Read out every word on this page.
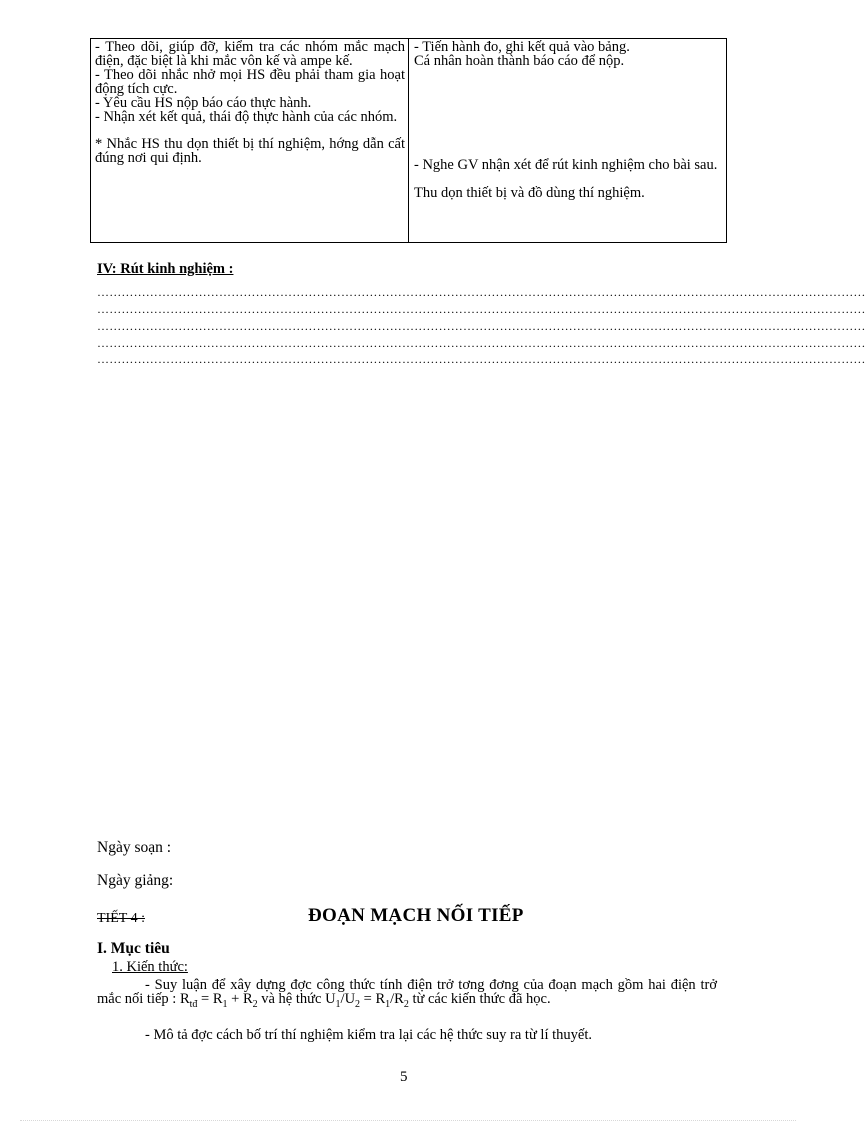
- Theo dõi, giúp đỡ, kiểm tra các nhóm mắc mạch điện, đặc biệt là khi mắc vôn kế và ampe kế.

- Theo dõi nhắc nhở mọi HS đều phải tham gia hoạt động tích cực.

- Yêu cầu HS nộp báo cáo thực hành.

- Nhận xét kết quả, thái độ thực hành của các nhóm.

* Nhắc HS thu dọn thiết bị thí nghiệm, hớng dẫn cất đúng nơi qui định.

- Tiến hành đo, ghi kết quả vào bảng.

Cá nhân hoàn thành báo cáo để nộp.

- Nghe GV nhận xét để rút kinh nghiệm cho bài sau.

Thu dọn thiết bị và đồ dùng thí nghiệm.

IV: Rút kinh nghiệm :

………………………………………………………………………………………………………………………………………………………………………

………………………………………………………………………………………………………………………………………………………………………

………………………………………………………………………………………………………………………………………………………………………

………………………………………………………………………………………………………………………………………………………………………

………………………………………………………………………………………………………………………………………………………………………

Ngày soạn :

Ngày giảng:

TIẾT 4 :	ĐOẠN MẠCH NỐI TIẾP

I. Mục tiêu

1. Kiến thức:

- Suy luận để xây dựng đợc công thức tính điện trở tơng đơng của đoạn mạch gồm hai điện trở mắc nối tiếp : $R_{tđ} = R_1 + R_2$ và hệ thức $U_1/U_2 = R_1/R_2$ từ các kiến thức đã học.

- Mô tả đợc cách bố trí thí nghiệm kiểm tra lại các hệ thức suy ra từ lí thuyết.

5
